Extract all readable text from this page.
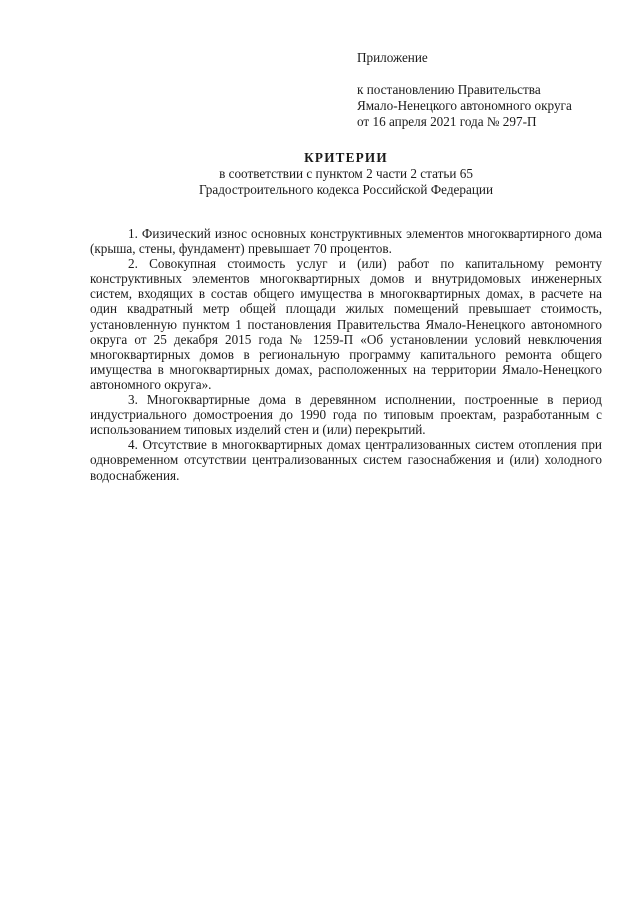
Приложение
к постановлению Правительства
Ямало-Ненецкого автономного округа
от 16 апреля 2021 года № 297-П
КРИТЕРИИ
в соответствии с пунктом 2 части 2 статьи 65
Градостроительного кодекса Российской Федерации

1. Физический износ основных конструктивных элементов многоквартирного дома (крыша, стены, фундамент) превышает 70 процентов.

2. Совокупная стоимость услуг и (или) работ по капитальному ремонту конструктивных элементов многоквартирных домов и внутридомовых инженерных систем, входящих в состав общего имущества в многоквартирных домах, в расчете на один квадратный метр общей площади жилых помещений превышает стоимость, установленную пунктом 1 постановления Правительства Ямало-Ненецкого автономного округа от 25 декабря 2015 года № 1259-П «Об установлении условий невключения многоквартирных домов в региональную программу капитального ремонта общего имущества в многоквартирных домах, расположенных на территории Ямало-Ненецкого автономного округа».

3. Многоквартирные дома в деревянном исполнении, построенные в период индустриального домостроения до 1990 года по типовым проектам, разработанным с использованием типовых изделий стен и (или) перекрытий.

4. Отсутствие в многоквартирных домах централизованных систем отопления при одновременном отсутствии централизованных систем газоснабжения и (или) холодного водоснабжения.
